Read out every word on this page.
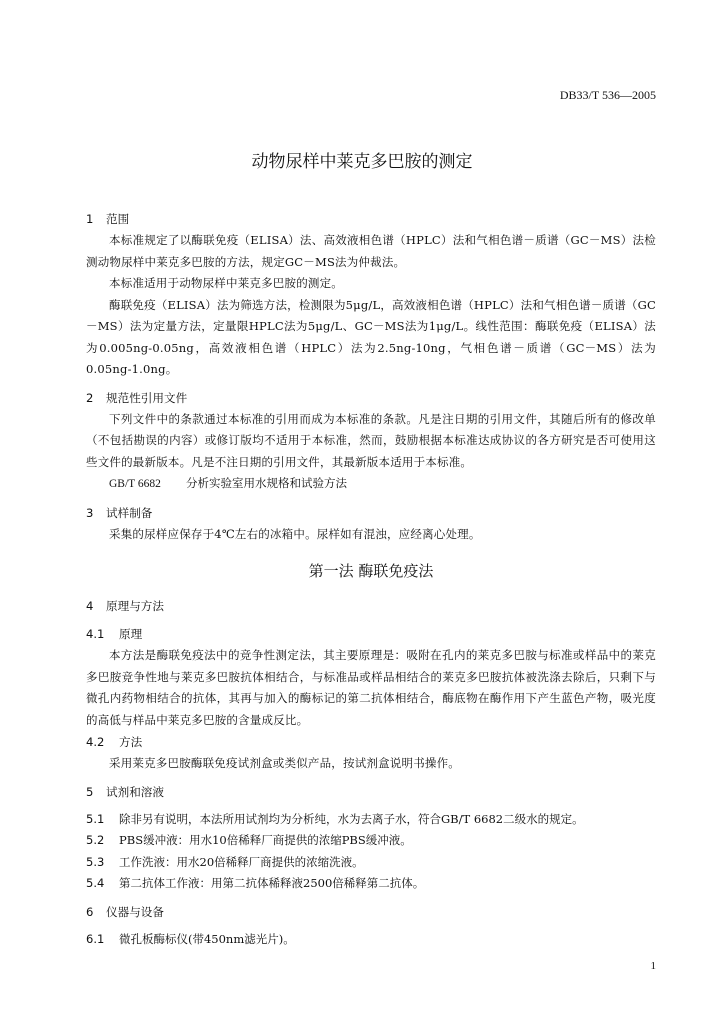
DB33/T 536—2005
动物尿样中莱克多巴胺的测定
1 范围

本标准规定了以酶联免疫（ELISA）法、高效液相色谱（HPLC）法和气相色谱－质谱（GC－MS）法检测动物尿样中莱克多巴胺的方法，规定GC－MS法为仲裁法。

本标准适用于动物尿样中莱克多巴胺的测定。

酶联免疫（ELISA）法为筛选方法，检测限为5μg/L，高效液相色谱（HPLC）法和气相色谱－质谱（GC－MS）法为定量方法，定量限HPLC法为5μg/L、GC－MS法为1μg/L。线性范围：酶联免疫（ELISA）法为0.005ng-0.05ng，高效液相色谱（HPLC）法为2.5ng-10ng，气相色谱－质谱（GC－MS）法为0.05ng-1.0ng。

2 规范性引用文件

下列文件中的条款通过本标准的引用而成为本标准的条款。凡是注日期的引用文件，其随后所有的修改单（不包括勘误的内容）或修订版均不适用于本标准，然而，鼓励根据本标准达成协议的各方研究是否可使用这些文件的最新版本。凡是不注日期的引用文件，其最新版本适用于本标准。

GB/T 6682 分析实验室用水规格和试验方法

3 试样制备

采集的尿样应保存于4℃左右的冰箱中。尿样如有混浊，应经离心处理。

第一法 酶联免疫法
4 原理与方法
4.1 原理

本方法是酶联免疫法中的竞争性测定法，其主要原理是：吸附在孔内的莱克多巴胺与标准或样品中的莱克多巴胺竞争性地与莱克多巴胺抗体相结合，与标准品或样品相结合的莱克多巴胺抗体被洗涤去除后，只剩下与微孔内药物相结合的抗体，其再与加入的酶标记的第二抗体相结合，酶底物在酶作用下产生蓝色产物，吸光度的高低与样品中莱克多巴胺的含量成反比。

4.2 方法

采用莱克多巴胺酶联免疫试剂盒或类似产品，按试剂盒说明书操作。

5 试剂和溶液

5.1 除非另有说明，本法所用试剂均为分析纯，水为去离子水，符合GB/T 6682二级水的规定。

5.2 PBS缓冲液：用水10倍稀释厂商提供的浓缩PBS缓冲液。

5.3 工作洗液：用水20倍稀释厂商提供的浓缩洗液。

5.4 第二抗体工作液：用第二抗体稀释液2500倍稀释第二抗体。

6 仪器与设备

6.1 微孔板酶标仪(带450nm滤光片)。

1
